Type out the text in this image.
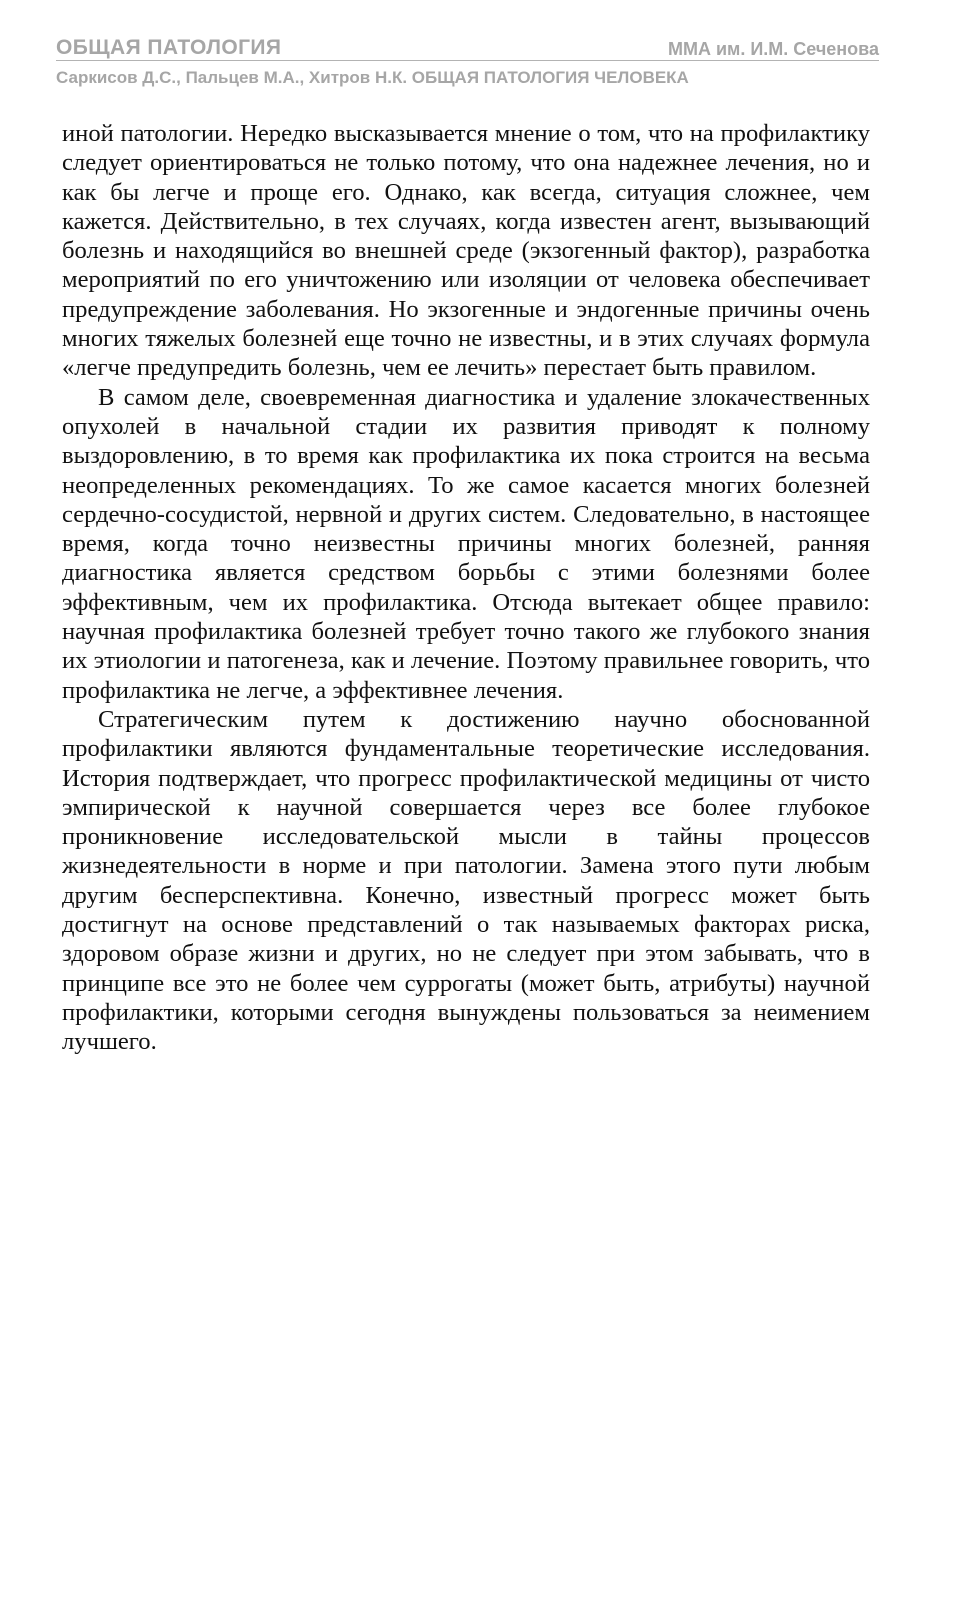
ОБЩАЯ ПАТОЛОГИЯ	ММА им. И.М. Сеченова
Саркисов Д.С., Пальцев М.А., Хитров Н.К. ОБЩАЯ ПАТОЛОГИЯ ЧЕЛОВЕКА

иной патологии. Нередко высказывается мнение о том, что на профилактику следует ориентироваться не только потому, что она надежнее лечения, но и как бы легче и проще его. Однако, как всегда, ситуация сложнее, чем кажется. Действительно, в тех случаях, когда известен агент, вызывающий болезнь и находящийся во внешней среде (экзогенный фактор), разработка мероприятий по его уничтожению или изоляции от человека обеспечивает предупреждение заболевания. Но экзогенные и эндогенные причины очень многих тяжелых болезней еще точно не известны, и в этих случаях формула «легче предупредить болезнь, чем ее лечить» перестает быть правилом.

В самом деле, своевременная диагностика и удаление злокачественных опухолей в начальной стадии их развития приводят к полному выздоровлению, в то время как профилактика их пока строится на весьма неопределенных рекомендациях. То же самое касается многих болезней сердечно-сосудистой, нервной и других систем. Следовательно, в настоящее время, когда точно неизвестны причины многих болезней, ранняя диагностика является средством борьбы с этими болезнями более эффективным, чем их профилактика. Отсюда вытекает общее правило: научная профилактика болезней требует точно такого же глубокого знания их этиологии и патогенеза, как и лечение. Поэтому правильнее говорить, что профилактика не легче, а эффективнее лечения.

Стратегическим путем к достижению научно обоснованной профилактики являются фундаментальные теоретические исследования. История подтверждает, что прогресс профилактической медицины от чисто эмпирической к научной совершается через все более глубокое проникновение исследовательской мысли в тайны процессов жизнедеятельности в норме и при патологии. Замена этого пути любым другим бесперспективна. Конечно, известный прогресс может быть достигнут на основе представлений о так называемых факторах риска, здоровом образе жизни и других, но не следует при этом забывать, что в принципе все это не более чем суррогаты (может быть, атрибуты) научной профилактики, которыми сегодня вынуждены пользоваться за неимением лучшего.
